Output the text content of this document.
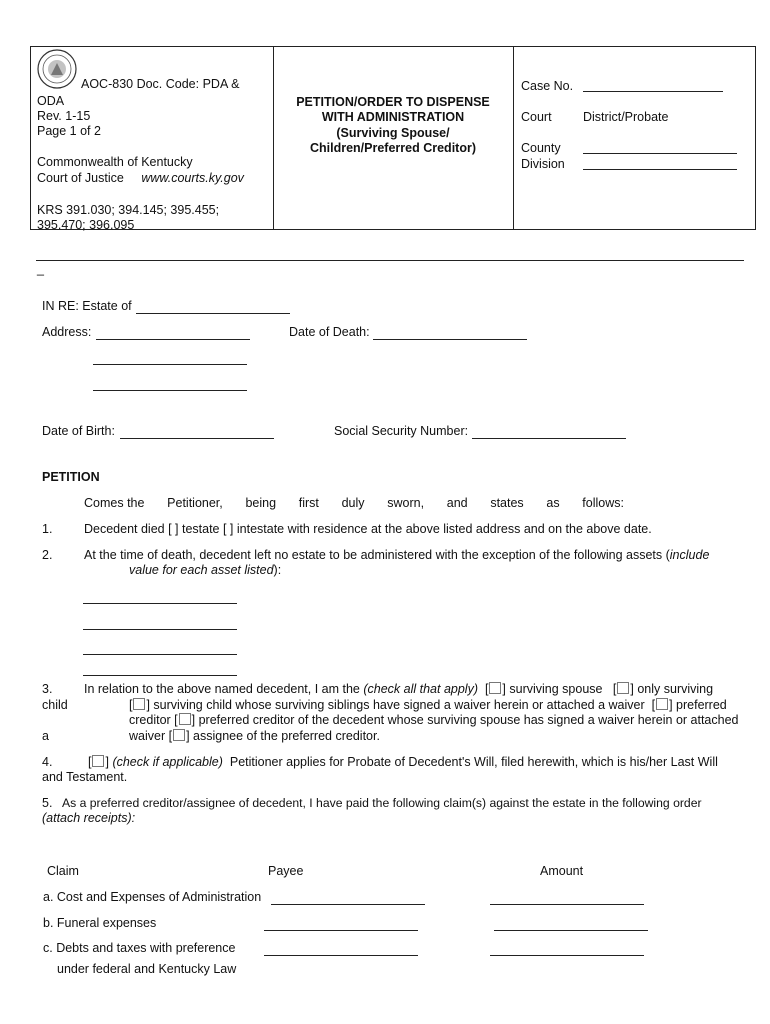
AOC-830 Doc. Code: PDA &
ODA
Rev. 1-15
Page 1 of 2
Commonwealth of Kentucky
Court of Justice www.courts.ky.gov
KRS 391.030; 394.145; 395.455;
395.470; 396.095
PETITION/ORDER TO DISPENSE
WITH ADMINISTRATION
(Surviving Spouse/
Children/Preferred Creditor)
Case No.
Court	District/Probate
County
Division
_
IN RE: Estate of
Address:	Date of Death:
Date of Birth:	Social Security Number:
PETITION
Comes the Petitioner, being first duly sworn, and states as follows:
1.	Decedent died [ ] testate [ ] intestate with residence at the above listed address and on the above date.
2.	At the time of death, decedent left no estate to be administered with the exception of the following assets (include
value for each asset listed):
3.	In relation to the above named decedent, I am the (check all that apply)  [ ] surviving spouse   [ ] only surviving
child	[ ] surviving child whose surviving siblings have signed a waiver herein or attached a waiver  [ ] preferred
creditor [ ] preferred creditor of the decedent whose surviving spouse has signed a waiver herein or attached
a	waiver [ ] assignee of the preferred creditor.
4.	[ ] (check if applicable) Petitioner applies for Probate of Decedent's Will, filed herewith, which is his/her Last Will
and Testament.
5. As a preferred creditor/assignee of decedent, I have paid the following claim(s) against the estate in the following order
(attach receipts):
Claim	Payee	Amount
a. Cost and Expenses of Administration
b. Funeral expenses
c. Debts and taxes with preference
under federal and Kentucky Law
